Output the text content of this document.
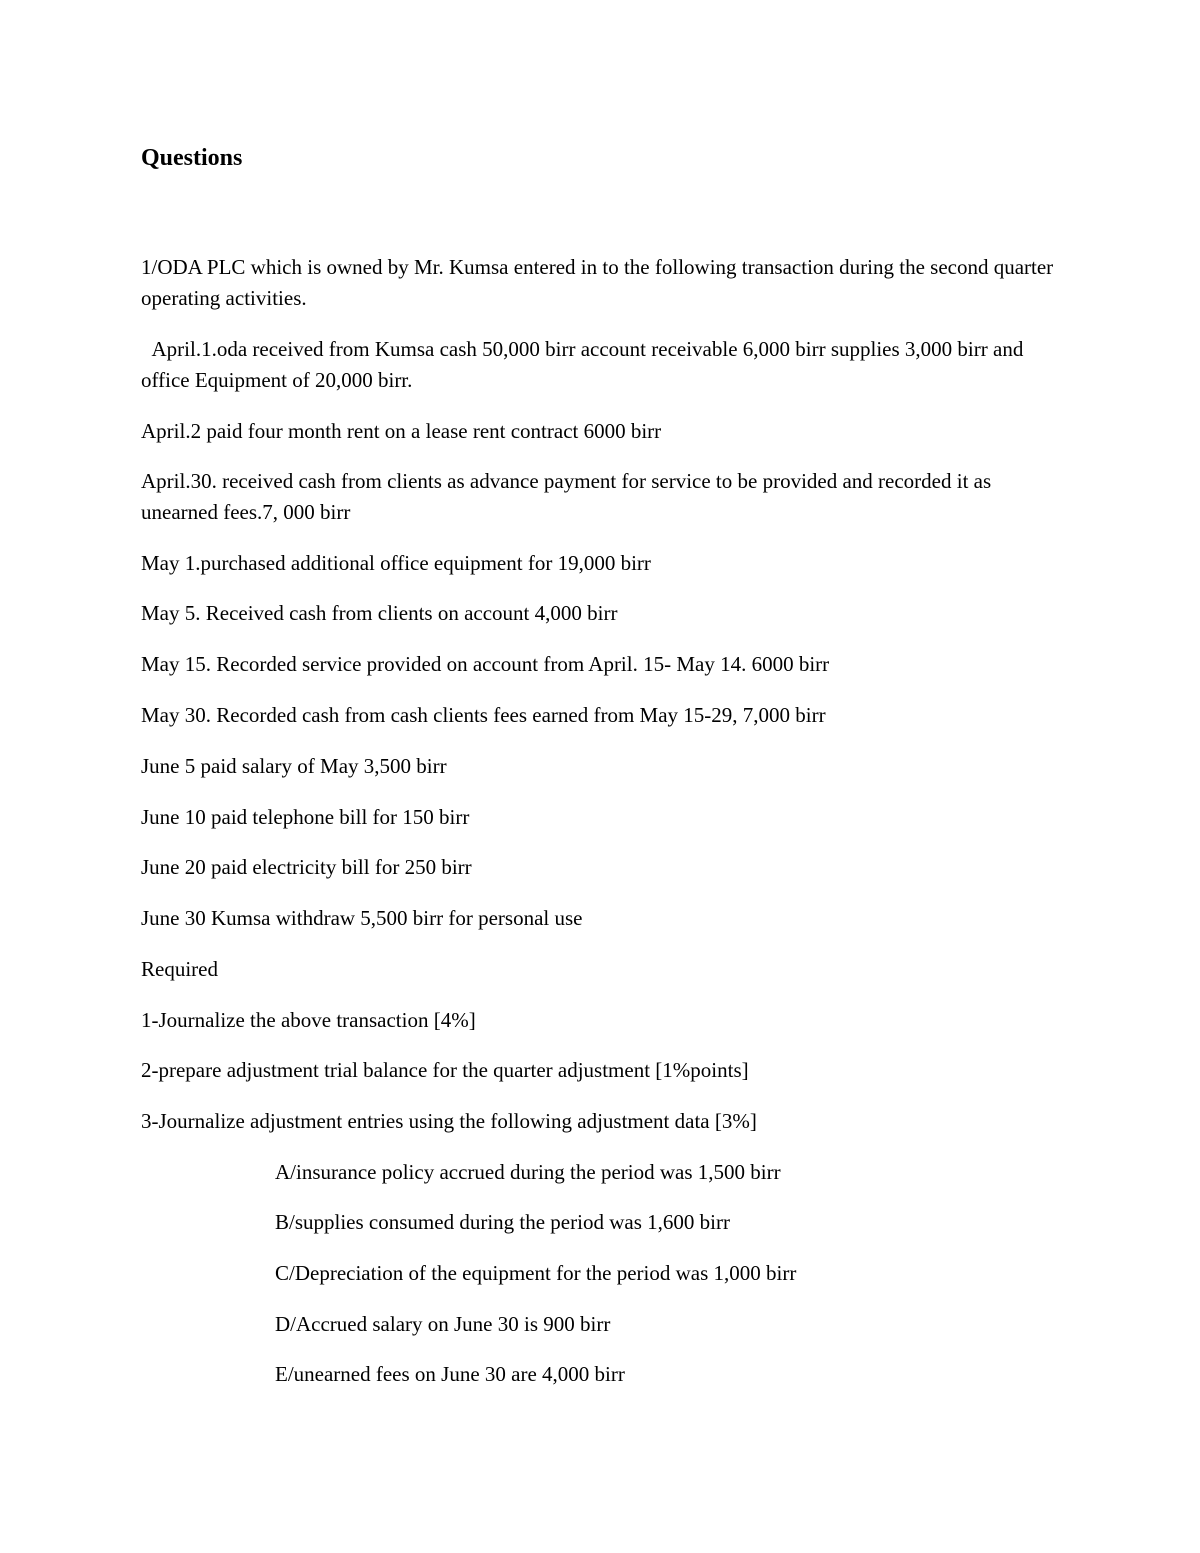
Questions

1/ODA PLC which is owned by Mr. Kumsa entered in to the following transaction during the second quarter operating activities.

April.1.oda received from Kumsa cash 50,000 birr account receivable 6,000 birr supplies 3,000 birr and office Equipment of 20,000 birr.

April.2 paid four month rent on a lease rent contract 6000 birr

April.30. received cash from clients as advance payment for service to be provided and recorded it as unearned fees.7, 000 birr

May 1.purchased additional office equipment for 19,000 birr

May 5. Received cash from clients on account 4,000 birr

May 15. Recorded service provided on account from April. 15- May 14. 6000 birr

May 30. Recorded cash from cash clients fees earned from May 15-29, 7,000 birr

June 5 paid salary of May 3,500 birr

June 10 paid telephone bill for 150 birr

June 20 paid electricity bill for 250 birr

June 30 Kumsa withdraw 5,500 birr for personal use

Required

1-Journalize the above transaction [4%]

2-prepare adjustment trial balance for the quarter adjustment [1%points]

3-Journalize adjustment entries using the following adjustment data [3%]

A/insurance policy accrued during the period was 1,500 birr

B/supplies consumed during the period was 1,600 birr

C/Depreciation of the equipment for the period was 1,000 birr

D/Accrued salary on June 30 is 900 birr

E/unearned fees on June 30 are 4,000 birr
